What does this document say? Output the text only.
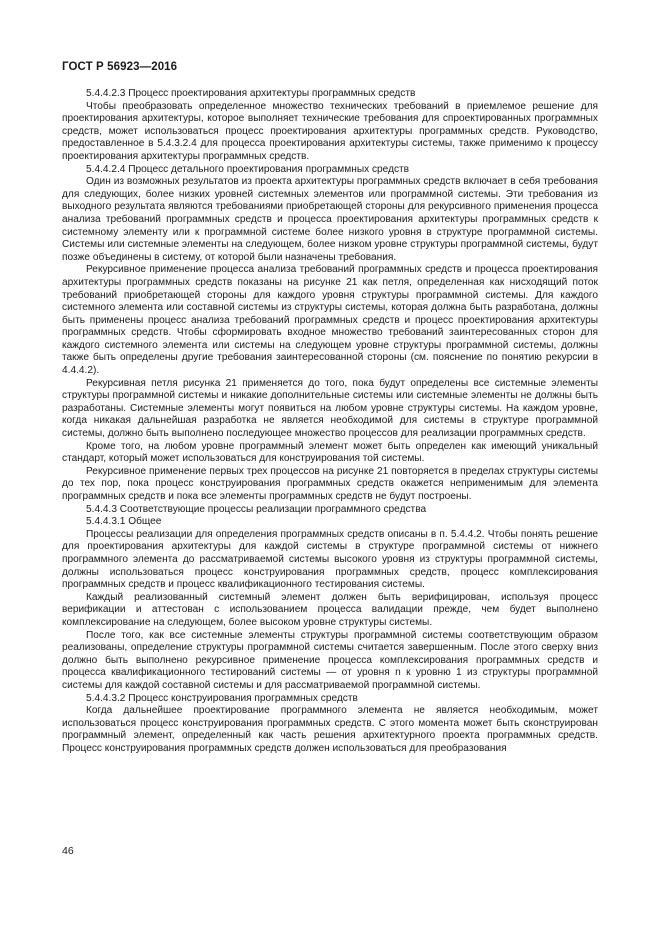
ГОСТ Р 56923—2016
5.4.4.2.3 Процесс проектирования архитектуры программных средств
Чтобы преобразовать определенное множество технических требований в приемлемое решение для проектирования архитектуры, которое выполняет технические требования для спроектированных программных средств, может использоваться процесс проектирования архитектуры программных средств. Руководство, предоставленное в 5.4.3.2.4 для процесса проектирования архитектуры системы, также применимо к процессу проектирования архитектуры программных средств.
5.4.4.2.4 Процесс детального проектирования программных средств
Один из возможных результатов из проекта архитектуры программных средств включает в себя требования для следующих, более низких уровней системных элементов или программной системы. Эти требования из выходного результата являются требованиями приобретающей стороны для рекурсивного применения процесса анализа требований программных средств и процесса проектирования архитектуры программных средств к системному элементу или к программной системе более низкого уровня в структуре программной системы. Системы или системные элементы на следующем, более низком уровне структуры программной системы, будут позже объединены в систему, от которой были назначены требования.
Рекурсивное применение процесса анализа требований программных средств и процесса проектирования архитектуры программных средств показаны на рисунке 21 как петля, определенная как нисходящий поток требований приобретающей стороны для каждого уровня структуры программной системы. Для каждого системного элемента или составной системы из структуры системы, которая должна быть разработана, должны быть применены процесс анализа требований программных средств и процесс проектирования архитектуры программных средств. Чтобы сформировать входное множество требований заинтересованных сторон для каждого системного элемента или системы на следующем уровне структуры программной системы, должны также быть определены другие требования заинтересованной стороны (см. пояснение по понятию рекурсии в 4.4.4.2).
Рекурсивная петля рисунка 21 применяется до того, пока будут определены все системные элементы структуры программной системы и никакие дополнительные системы или системные элементы не должны быть разработаны. Системные элементы могут появиться на любом уровне структуры системы. На каждом уровне, когда никакая дальнейшая разработка не является необходимой для системы в структуре программной системы, должно быть выполнено последующее множество процессов для реализации программных средств.
Кроме того, на любом уровне программный элемент может быть определен как имеющий уникальный стандарт, который может использоваться для конструирования той системы.
Рекурсивное применение первых трех процессов на рисунке 21 повторяется в пределах структуры системы до тех пор, пока процесс конструирования программных средств окажется неприменимым для элемента программных средств и пока все элементы программных средств не будут построены.
5.4.4.3 Соответствующие процессы реализации программного средства
5.4.4.3.1 Общее
Процессы реализации для определения программных средств описаны в п. 5.4.4.2. Чтобы понять решение для проектирования архитектуры для каждой системы в структуре программной системы от нижнего программного элемента до рассматриваемой системы высокого уровня из структуры программной системы, должны использоваться процесс конструирования программных средств, процесс комплексирования программных средств и процесс квалификационного тестирования системы.
Каждый реализованный системный элемент должен быть верифицирован, используя процесс верификации и аттестован с использованием процесса валидации прежде, чем будет выполнено комплексирование на следующем, более высоком уровне структуры системы.
После того, как все системные элементы структуры программной системы соответствующим образом реализованы, определение структуры программной системы считается завершенным. После этого сверху вниз должно быть выполнено рекурсивное применение процесса комплексирования программных средств и процесса квалификационного тестирований системы — от уровня n к уровню 1 из структуры программной системы для каждой составной системы и для рассматриваемой программной системы.
5.4.4.3.2 Процесс конструирования программных средств
Когда дальнейшее проектирование программного элемента не является необходимым, может использоваться процесс конструирования программных средств. С этого момента может быть сконструирован программный элемент, определенный как часть решения архитектурного проекта программных средств. Процесс конструирования программных средств должен использоваться для преобразования
46
